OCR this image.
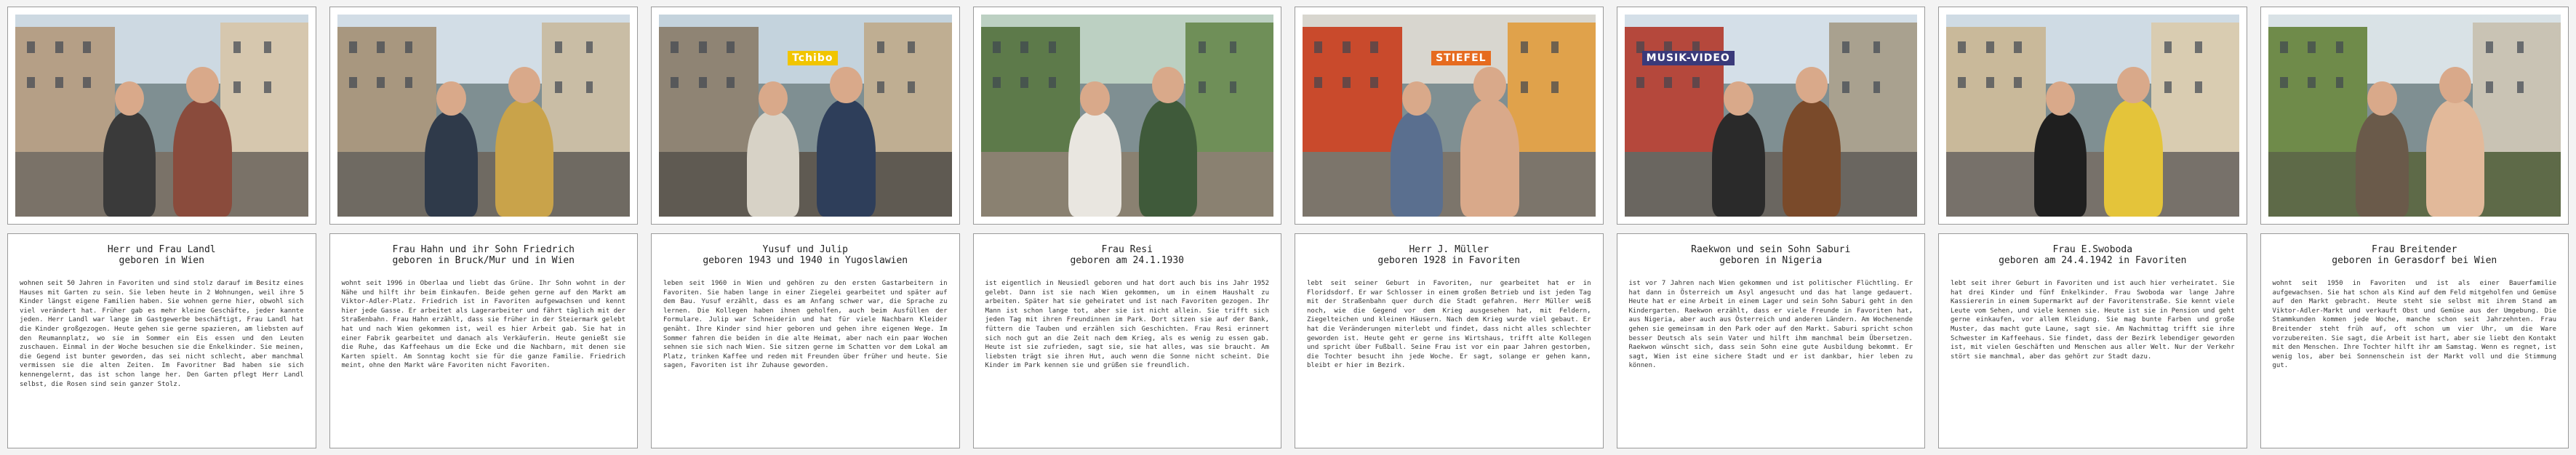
Herr und Frau Landl
geboren in Wien

wohnen seit 50 Jahren in Favoriten und sind stolz darauf im Besitz eines Hauses mit Garten zu sein. Sie leben heute in 2 Wohnungen, weil ihre 5 Kinder längst eigene Familien haben. Sie wohnen gerne hier, obwohl sich viel verändert hat. Früher gab es mehr kleine Geschäfte, jeder kannte jeden. Herr Landl war lange im Gastgewerbe beschäftigt, Frau Landl hat die Kinder großgezogen. Heute gehen sie gerne spazieren, am liebsten auf den Reumannplatz, wo sie im Sommer ein Eis essen und den Leuten zuschauen. Einmal in der Woche besuchen sie die Enkelkinder. Sie meinen, die Gegend ist bunter geworden, das sei nicht schlecht, aber manchmal vermissen sie die alten Zeiten. Im Favoritner Bad haben sie sich kennengelernt, das ist schon lange her. Den Garten pflegt Herr Landl selbst, die Rosen sind sein ganzer Stolz.

Frau Hahn und ihr Sohn Friedrich
geboren in Bruck/Mur und in Wien

wohnt seit 1996 in Oberlaa und liebt das Grüne. Ihr Sohn wohnt in der Nähe und hilft ihr beim Einkaufen. Beide gehen gerne auf den Markt am Viktor-Adler-Platz. Friedrich ist in Favoriten aufgewachsen und kennt hier jede Gasse. Er arbeitet als Lagerarbeiter und fährt täglich mit der Straßenbahn. Frau Hahn erzählt, dass sie früher in der Steiermark gelebt hat und nach Wien gekommen ist, weil es hier Arbeit gab. Sie hat in einer Fabrik gearbeitet und danach als Verkäuferin. Heute genießt sie die Ruhe, das Kaffeehaus um die Ecke und die Nachbarn, mit denen sie Karten spielt. Am Sonntag kocht sie für die ganze Familie. Friedrich meint, ohne den Markt wäre Favoriten nicht Favoriten.

Tchibo
Yusuf und Julip
geboren 1943 und 1940 in Yugoslawien

leben seit 1960 in Wien und gehören zu den ersten Gastarbeitern in Favoriten. Sie haben lange in einer Ziegelei gearbeitet und später auf dem Bau. Yusuf erzählt, dass es am Anfang schwer war, die Sprache zu lernen. Die Kollegen haben ihnen geholfen, auch beim Ausfüllen der Formulare. Julip war Schneiderin und hat für viele Nachbarn Kleider genäht. Ihre Kinder sind hier geboren und gehen ihre eigenen Wege. Im Sommer fahren die beiden in die alte Heimat, aber nach ein paar Wochen sehnen sie sich nach Wien. Sie sitzen gerne im Schatten vor dem Lokal am Platz, trinken Kaffee und reden mit Freunden über früher und heute. Sie sagen, Favoriten ist ihr Zuhause geworden.

Frau Resi
geboren am 24.1.1930

ist eigentlich in Neusiedl geboren und hat dort auch bis ins Jahr 1952 gelebt. Dann ist sie nach Wien gekommen, um in einem Haushalt zu arbeiten. Später hat sie geheiratet und ist nach Favoriten gezogen. Ihr Mann ist schon lange tot, aber sie ist nicht allein. Sie trifft sich jeden Tag mit ihren Freundinnen im Park. Dort sitzen sie auf der Bank, füttern die Tauben und erzählen sich Geschichten. Frau Resi erinnert sich noch gut an die Zeit nach dem Krieg, als es wenig zu essen gab. Heute ist sie zufrieden, sagt sie, sie hat alles, was sie braucht. Am liebsten trägt sie ihren Hut, auch wenn die Sonne nicht scheint. Die Kinder im Park kennen sie und grüßen sie freundlich.

STIEFEL
Herr J. Müller
geboren 1928 in Favoriten

lebt seit seiner Geburt in Favoriten, nur gearbeitet hat er in Floridsdorf. Er war Schlosser in einem großen Betrieb und ist jeden Tag mit der Straßenbahn quer durch die Stadt gefahren. Herr Müller weiß noch, wie die Gegend vor dem Krieg ausgesehen hat, mit Feldern, Ziegelteichen und kleinen Häusern. Nach dem Krieg wurde viel gebaut. Er hat die Veränderungen miterlebt und findet, dass nicht alles schlechter geworden ist. Heute geht er gerne ins Wirtshaus, trifft alte Kollegen und spricht über Fußball. Seine Frau ist vor ein paar Jahren gestorben, die Tochter besucht ihn jede Woche. Er sagt, solange er gehen kann, bleibt er hier im Bezirk.

MUSIK-VIDEO
Raekwon und sein Sohn Saburi
geboren in Nigeria

ist vor 7 Jahren nach Wien gekommen und ist politischer Flüchtling. Er hat dann in Österreich um Asyl angesucht und das hat lange gedauert. Heute hat er eine Arbeit in einem Lager und sein Sohn Saburi geht in den Kindergarten. Raekwon erzählt, dass er viele Freunde in Favoriten hat, aus Nigeria, aber auch aus Österreich und anderen Ländern. Am Wochenende gehen sie gemeinsam in den Park oder auf den Markt. Saburi spricht schon besser Deutsch als sein Vater und hilft ihm manchmal beim Übersetzen. Raekwon wünscht sich, dass sein Sohn eine gute Ausbildung bekommt. Er sagt, Wien ist eine sichere Stadt und er ist dankbar, hier leben zu können.

Frau E.Swoboda
geboren am 24.4.1942 in Favoriten

lebt seit ihrer Geburt in Favoriten und ist auch hier verheiratet. Sie hat drei Kinder und fünf Enkelkinder. Frau Swoboda war lange Jahre Kassiererin in einem Supermarkt auf der Favoritenstraße. Sie kennt viele Leute vom Sehen, und viele kennen sie. Heute ist sie in Pension und geht gerne einkaufen, vor allem Kleidung. Sie mag bunte Farben und große Muster, das macht gute Laune, sagt sie. Am Nachmittag trifft sie ihre Schwester im Kaffeehaus. Sie findet, dass der Bezirk lebendiger geworden ist, mit vielen Geschäften und Menschen aus aller Welt. Nur der Verkehr stört sie manchmal, aber das gehört zur Stadt dazu.

Frau Breitender
geboren in Gerasdorf bei Wien

wohnt seit 1950 in Favoriten und ist als einer Bauerfamilie aufgewachsen. Sie hat schon als Kind auf dem Feld mitgeholfen und Gemüse auf den Markt gebracht. Heute steht sie selbst mit ihrem Stand am Viktor-Adler-Markt und verkauft Obst und Gemüse aus der Umgebung. Die Stammkunden kommen jede Woche, manche schon seit Jahrzehnten. Frau Breitender steht früh auf, oft schon um vier Uhr, um die Ware vorzubereiten. Sie sagt, die Arbeit ist hart, aber sie liebt den Kontakt mit den Menschen. Ihre Tochter hilft ihr am Samstag. Wenn es regnet, ist wenig los, aber bei Sonnenschein ist der Markt voll und die Stimmung gut.
